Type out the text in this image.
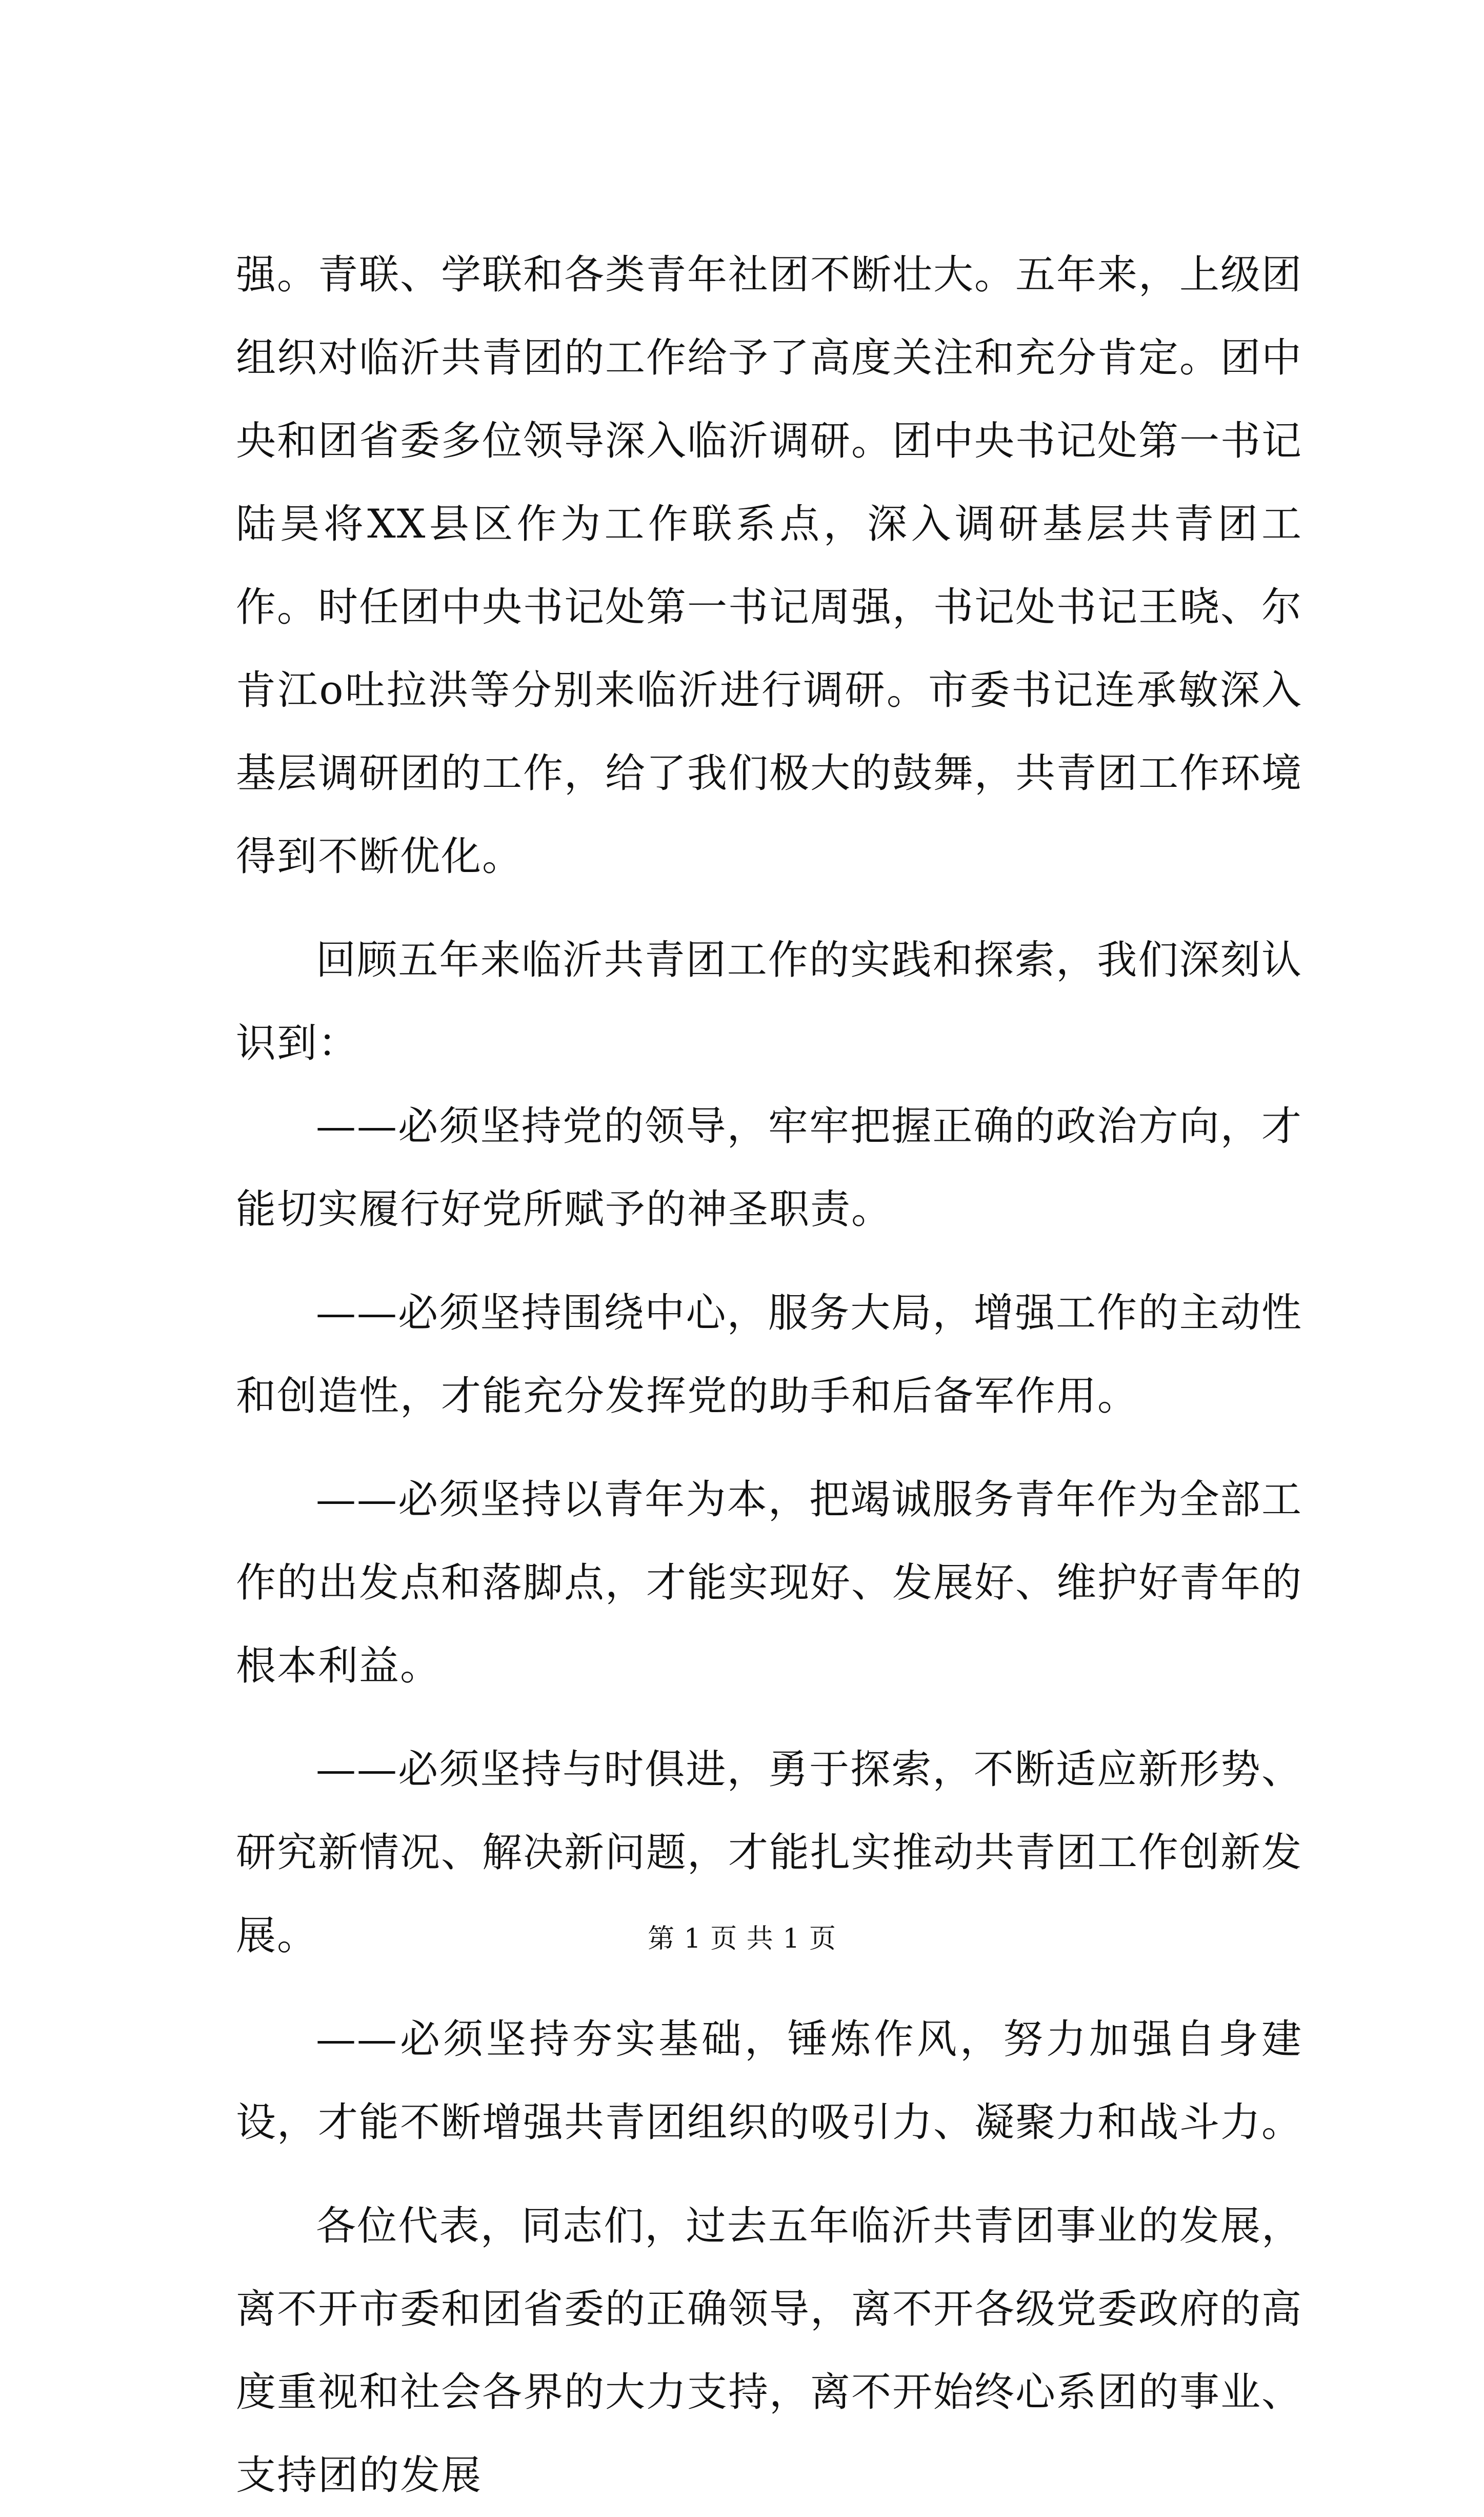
强。青联、学联和各类青年社团不断壮大。五年来，上级团组织对临沂共青团的工作给予了高度关注和充分肯定。团中央和团省委多位领导深入临沂调研。团中央书记处第一书记陆昊将XX县区作为工作联系点，深入调研基层共青团工作。时任团中央书记处第一书记周强，书记处书记王晓、尔肯江o吐拉洪等分别来临沂进行调研。市委书记连承敏深入基层调研团的工作，给了我们极大的鼓舞，共青团工作环境得到不断优化。

回顾五年来临沂共青团工作的实践和探索，我们深刻认识到：

——必须坚持党的领导，牢牢把握正确的政治方向，才能切实履行好党所赋予的神圣职责。

——必须坚持围绕中心，服务大局，增强工作的主动性和创造性，才能充分发挥党的助手和后备军作用。

——必须坚持以青年为本，把竭诚服务青年作为全部工作的出发点和落脚点，才能实现好、发展好、维护好青年的根本利益。

——必须坚持与时俱进，勇于探索，不断适应新形势、研究新情况、解决新问题，才能扎实推动共青团工作创新发展。

——必须坚持夯实基础，锤炼作风，努力加强自身建设，才能不断增强共青团组织的吸引力、凝聚力和战斗力。

各位代表，同志们，过去五年临沂共青团事业的发展，离不开市委和团省委的正确领导，离不开各级党委政府的高度重视和社会各界的大力支持，离不开始终心系团的事业、支持团的发展

第 1 页 共 1 页
